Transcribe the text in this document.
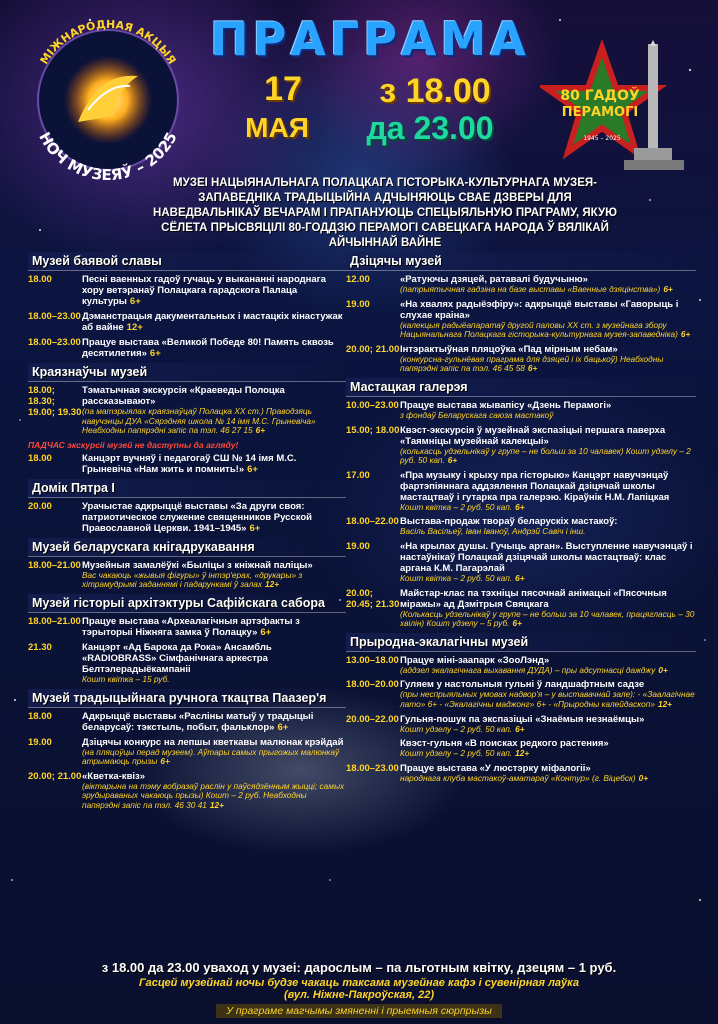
МІЖНАРОДНАЯ АКЦЫЯ
НОЧ МУЗЕЯЎ – 2025
ПРАГРАМА
17
МАЯ
з 18.00
да 23.00
80 ГАДОЎ
ПЕРАМОГІ
1945 – 2025
МУЗЕІ НАЦЫЯНАЛЬНАГА ПОЛАЦКАГА ГІСТОРЫКА-КУЛЬТУРНАГА МУЗЕЯ-ЗАПАВЕДНІКА ТРАДЫЦЫЙНА АДЧЫНЯЮЦЬ СВАЕ ДЗВЕРЫ ДЛЯ НАВЕДВАЛЬНІКАЎ ВЕЧАРАМ І ПРАПАНУЮЦЬ СПЕЦЫЯЛЬНУЮ ПРАГРАМУ, ЯКУЮ СЁЛЕТА ПРЫСВЯЦІЛІ 80-ГОДДЗЮ ПЕРАМОГІ САВЕЦКАГА НАРОДА Ў ВЯЛІКАЙ АЙЧЫННАЙ ВАЙНЕ
Музей баявой славы
18.00	Песні ваенных гадоў гучаць у выкананні народнага хору ветэранаў Полацкага гарадскога Палаца культуры 6+
18.00–23.00 Дэманстрацыя дакументальных і мастацкіх кінастужак аб вайне 12+
18.00–23.00 Працуе выстава «Великой Победе 80! Память сквозь десятилетия» 6+
Краязнаўчы музей
18.00; 18.30; 19.00; 19.30
Тэматычная экскурсія «Краеведы Полоцка рассказывают»
(па матэрыялах краязнаўцаў Полацка ХХ ст.) Праводзяць навучэнцы ДУА «Сярэдняя школа № 14 імя М.С. Грыневіча» Неабходны папярэдні запіс па тэл. 46 27 15 6+
ПАДЧАС экскурсіі музей не даступны да агляду!
18.00	Канцэрт вучняў і педагогаў СШ № 14 імя М.С. Грыневіча «Нам жить и помнить!» 6+
Домік Пятра І
20.00	Урачыстае адкрыццё выставы «За други своя: патриотическое служение священников Русской Православной Церкви. 1941–1945» 6+
Музей беларускага кнігадрукавання
18.00–21.00 Музейныя замалёўкі «Былiцы з кніжнай паліцы»
Вас чакаюць «жывыя фігуры» ў інтэр'ерах, «друкары» з хітрамудрымі заданнямі і падарункамі ў залах 12+
Музей гісторыі архітэктуры Сафійскага сабора
18.00–21.00 Працуе выстава «Археалагічныя артэфакты з тэрыторыі Ніжняга замка ў Полацку» 6+
21.30	Канцэрт «Ад Барока да Рока» Ансамбль «RADIOBRASS» Сімфанічнага аркестра Белтэлерадыёкампаніі
Кошт квітка – 15 руб.
Музей традыцыйнага ручнога ткацтва Паазер'я
18.00	Адкрыццё выставы «Расліны матыў у традыцыі беларусаў: тэкстыль, побыт, фальклор» 6+
19.00	Дзіцячы конкурс на лепшы кветкавы малюнак крэйдай
(на пляцоўцы перад музеем). Аўтары самых прыгожых малюнкаў атрымаюць прызы 6+
20.00; 21.00 «Кветка-квіз»
(віктарына на тэму вобразаў раслін у паўсядзённым жыцці; самых эрудыраваных чакаюць прызы) Кошт – 2 руб. Неабходны папярэдні запіс па тэл. 46 30 41 12+
Дзіцячы музей
12.00	«Ратуючы дзяцей, ратавалі будучыню»
(патрыятычная гадзіна на базе выставы «Ваенные дзяцінства») 6+
19.00	«На хвалях радыёэфіру»: адкрыццё выставы «Гаворыць і слухае краіна»
(калекцыя радыёапаратаў другой паловы ХХ ст. з музейнага збору Нацыянальнага Полацкага гісторыка-культурнага музея-запаведніка) 6+
20.00; 21.00 Інтэрактыўная пляцоўка «Пад мірным небам»
(конкурсна-гульнёвая праграма для дзяцей і іх бацькоў) Неабходны папярэдні запіс па тэл. 46 45 58 6+
Мастацкая галерэя
10.00–23.00 Працуе выстава жывапісу «Дзень Перамогі»
з фондаў Беларускага саюза мастакоў
15.00; 18.00 Квэст-экскурсія ў музейнай экспазіцыі першага паверха «Таямніцы музейнай калекцыі»
(колькасць удзельнікаў у групе – не больш за 10 чалавек) Кошт удзелу – 2 руб. 50 кап. 6+
17.00	«Пра музыку і крыху пра гісторыю» Канцэрт навучэнцаў фартэпіяннага аддзялення Полацкай дзіцячай школы мастацтваў і гутарка пра галерэю. Кіраўнік Н.М. Лапіцкая
Кошт квітка – 2 руб. 50 кап. 6+
18.00–22.00 Выстава-продаж твораў беларускіх мастакоў:
Васіль Васільеў, Іван Іваноў, Андрэй Савіч і інш.
19.00	«На крылах душы. Гучыць арган». Выступленне навучэнцаў і настаўнікаў Полацкай дзіцячай школы мастацтваў: клас аргана К.М. Пагарэлай
Кошт квітка – 2 руб. 50 кап. 6+
20.00; 20.45; 21.30
Майстар-клас па тэхніцы пясочнай анімацыі «Пясочныя міражы» ад Дзмітрыя Свяцкага
(Колькасць удзельнікаў у групе – не больш за 10 чалавек, працягласць – 30 хвілін) Кошт удзелу – 5 руб. 6+
Прыродна-экалагічны музей
13.00–18.00 Працуе міні-заапарк «ЗооЛэнд»
(аддзел экалагічнага выхавання ДУДА) – пры адсутнасці дажджу 0+
18.00–20.00 Гуляем у настольныя гульні ў ландшафтным садзе
(пры неспрыяльных умовах надвор'я – у выставачнай зале): - «Заалагічнае лато» 6+ - «Экалагічны маджонг» 6+ - «Прыродны калейдаскоп» 12+
20.00–22.00 Гульня-пошук па экспазіцыі «Знаёмыя незнаёмцы»
Кошт удзелу – 2 руб. 50 кап. 6+
Квэст-гульня «В поисках редкого растения»
Кошт удзелу – 2 руб. 50 кап. 12+
18.00–23.00 Працуе выстава «У люстэрку міфалогіі»
народнага клуба мастакоў-аматараў «Контур» (г. Віцебск) 0+
з 18.00 да 23.00 уваход у музеі: дарослым – па льготным квітку, дзецям – 1 руб.
Гасцей музейнай ночы будзе чакаць таксама музейнае кафэ і сувенірная лаўка
(вул. Ніжне-Пакроўская, 22)
У праграме магчымы змяненні і прыемныя сюрпрызы
